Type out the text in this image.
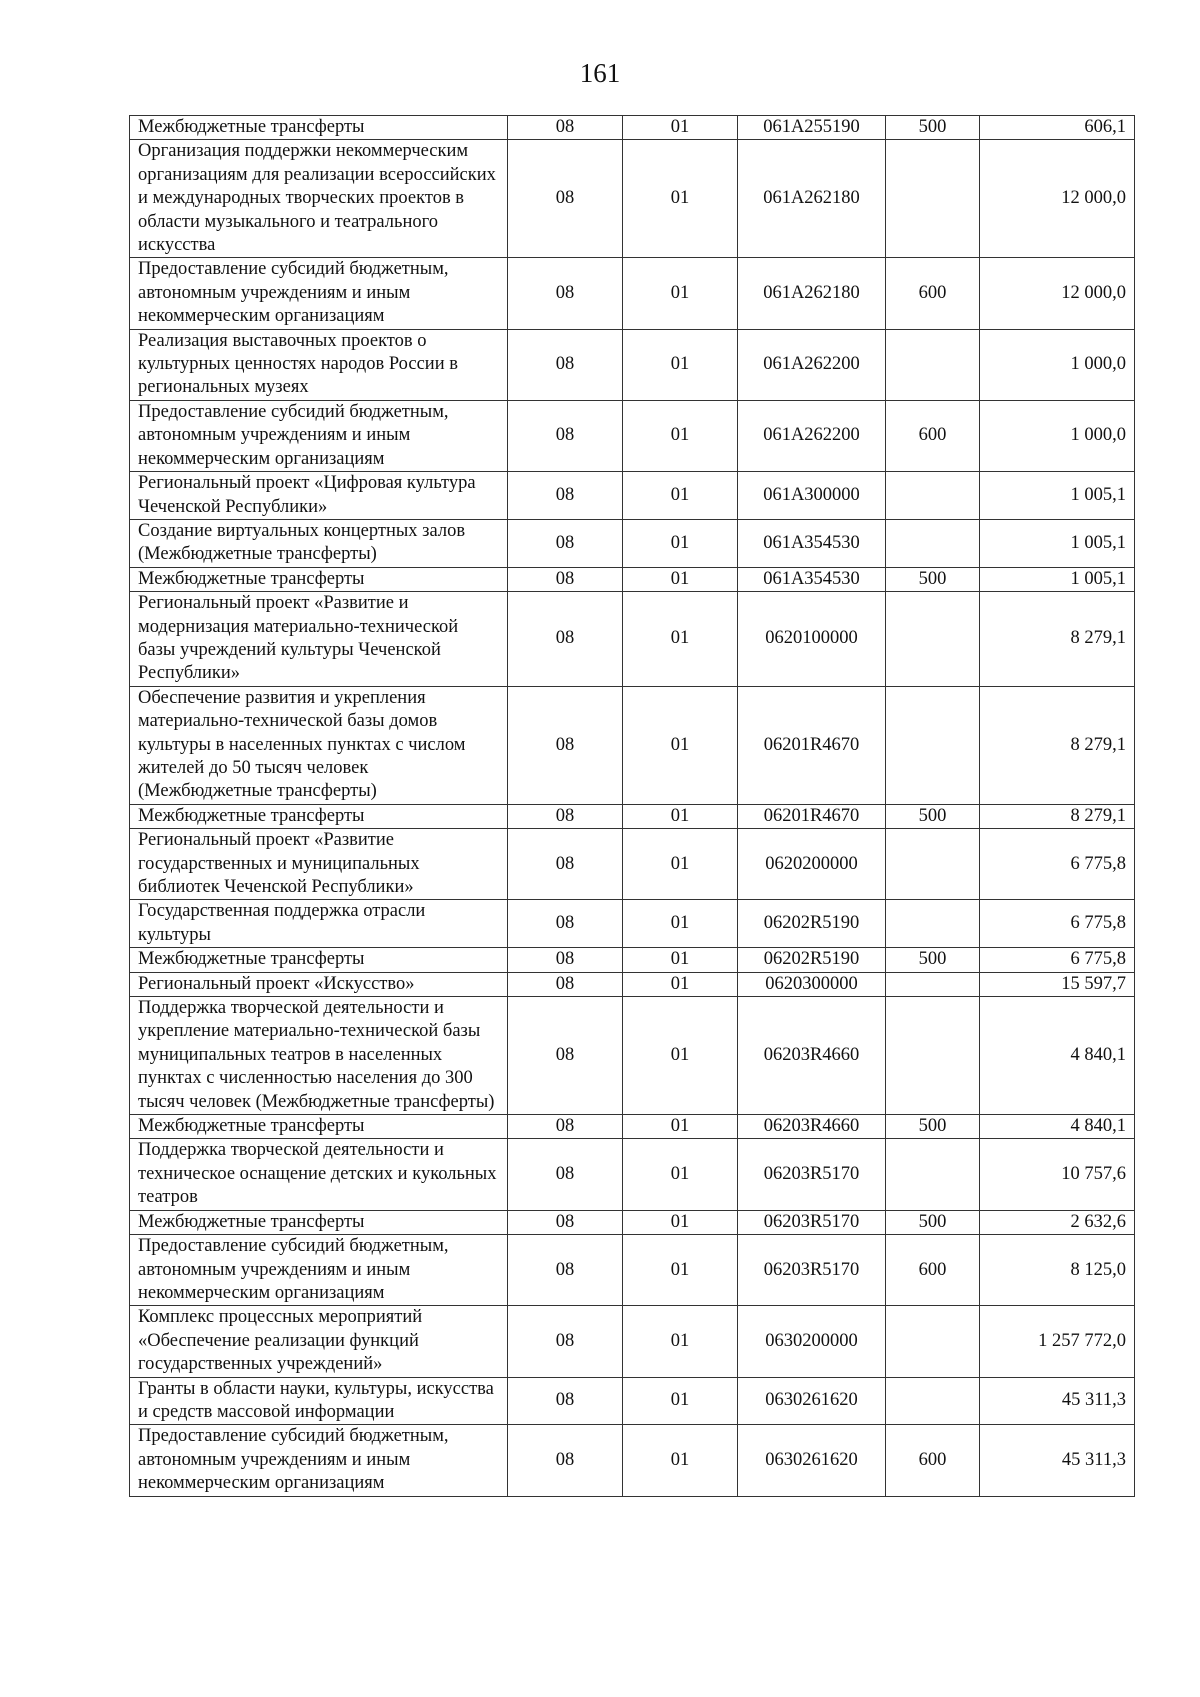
161
Межбюджетные трансферты	08	01	061А255190	500	606,1
Организация поддержки некоммерческим организациям для реализации всероссийских и международных творческих проектов в области музыкального и театрального искусства	08	01	061А262180		12 000,0
Предоставление субсидий бюджетным, автономным учреждениям и иным некоммерческим организациям	08	01	061А262180	600	12 000,0
Реализация выставочных проектов о культурных ценностях народов России в региональных музеях	08	01	061А262200		1 000,0
Предоставление субсидий бюджетным, автономным учреждениям и иным некоммерческим организациям	08	01	061А262200	600	1 000,0
Региональный проект «Цифровая культура Чеченской Республики»	08	01	061А300000		1 005,1
Создание виртуальных концертных залов (Межбюджетные трансферты)	08	01	061А354530		1 005,1
Межбюджетные трансферты	08	01	061А354530	500	1 005,1
Региональный проект «Развитие и модернизация материально-технической базы учреждений культуры Чеченской Республики»	08	01	0620100000		8 279,1
Обеспечение развития и укрепления материально-технической базы домов культуры в населенных пунктах с числом жителей до 50 тысяч человек (Межбюджетные трансферты)	08	01	06201R4670		8 279,1
Межбюджетные трансферты	08	01	06201R4670	500	8 279,1
Региональный проект «Развитие государственных и муниципальных библиотек Чеченской Республики»	08	01	0620200000		6 775,8
Государственная поддержка отрасли культуры	08	01	06202R5190		6 775,8
Межбюджетные трансферты	08	01	06202R5190	500	6 775,8
Региональный проект «Искусство»	08	01	0620300000		15 597,7
Поддержка творческой деятельности и укрепление материально-технической базы муниципальных театров в населенных пунктах с численностью населения до 300 тысяч человек (Межбюджетные трансферты)	08	01	06203R4660		4 840,1
Межбюджетные трансферты	08	01	06203R4660	500	4 840,1
Поддержка творческой деятельности и техническое оснащение детских и кукольных театров	08	01	06203R5170		10 757,6
Межбюджетные трансферты	08	01	06203R5170	500	2 632,6
Предоставление субсидий бюджетным, автономным учреждениям и иным некоммерческим организациям	08	01	06203R5170	600	8 125,0
Комплекс процессных мероприятий «Обеспечение реализации функций государственных учреждений»	08	01	0630200000		1 257 772,0
Гранты в области науки, культуры, искусства и средств массовой информации	08	01	0630261620		45 311,3
Предоставление субсидий бюджетным, автономным учреждениям и иным некоммерческим организациям	08	01	0630261620	600	45 311,3
